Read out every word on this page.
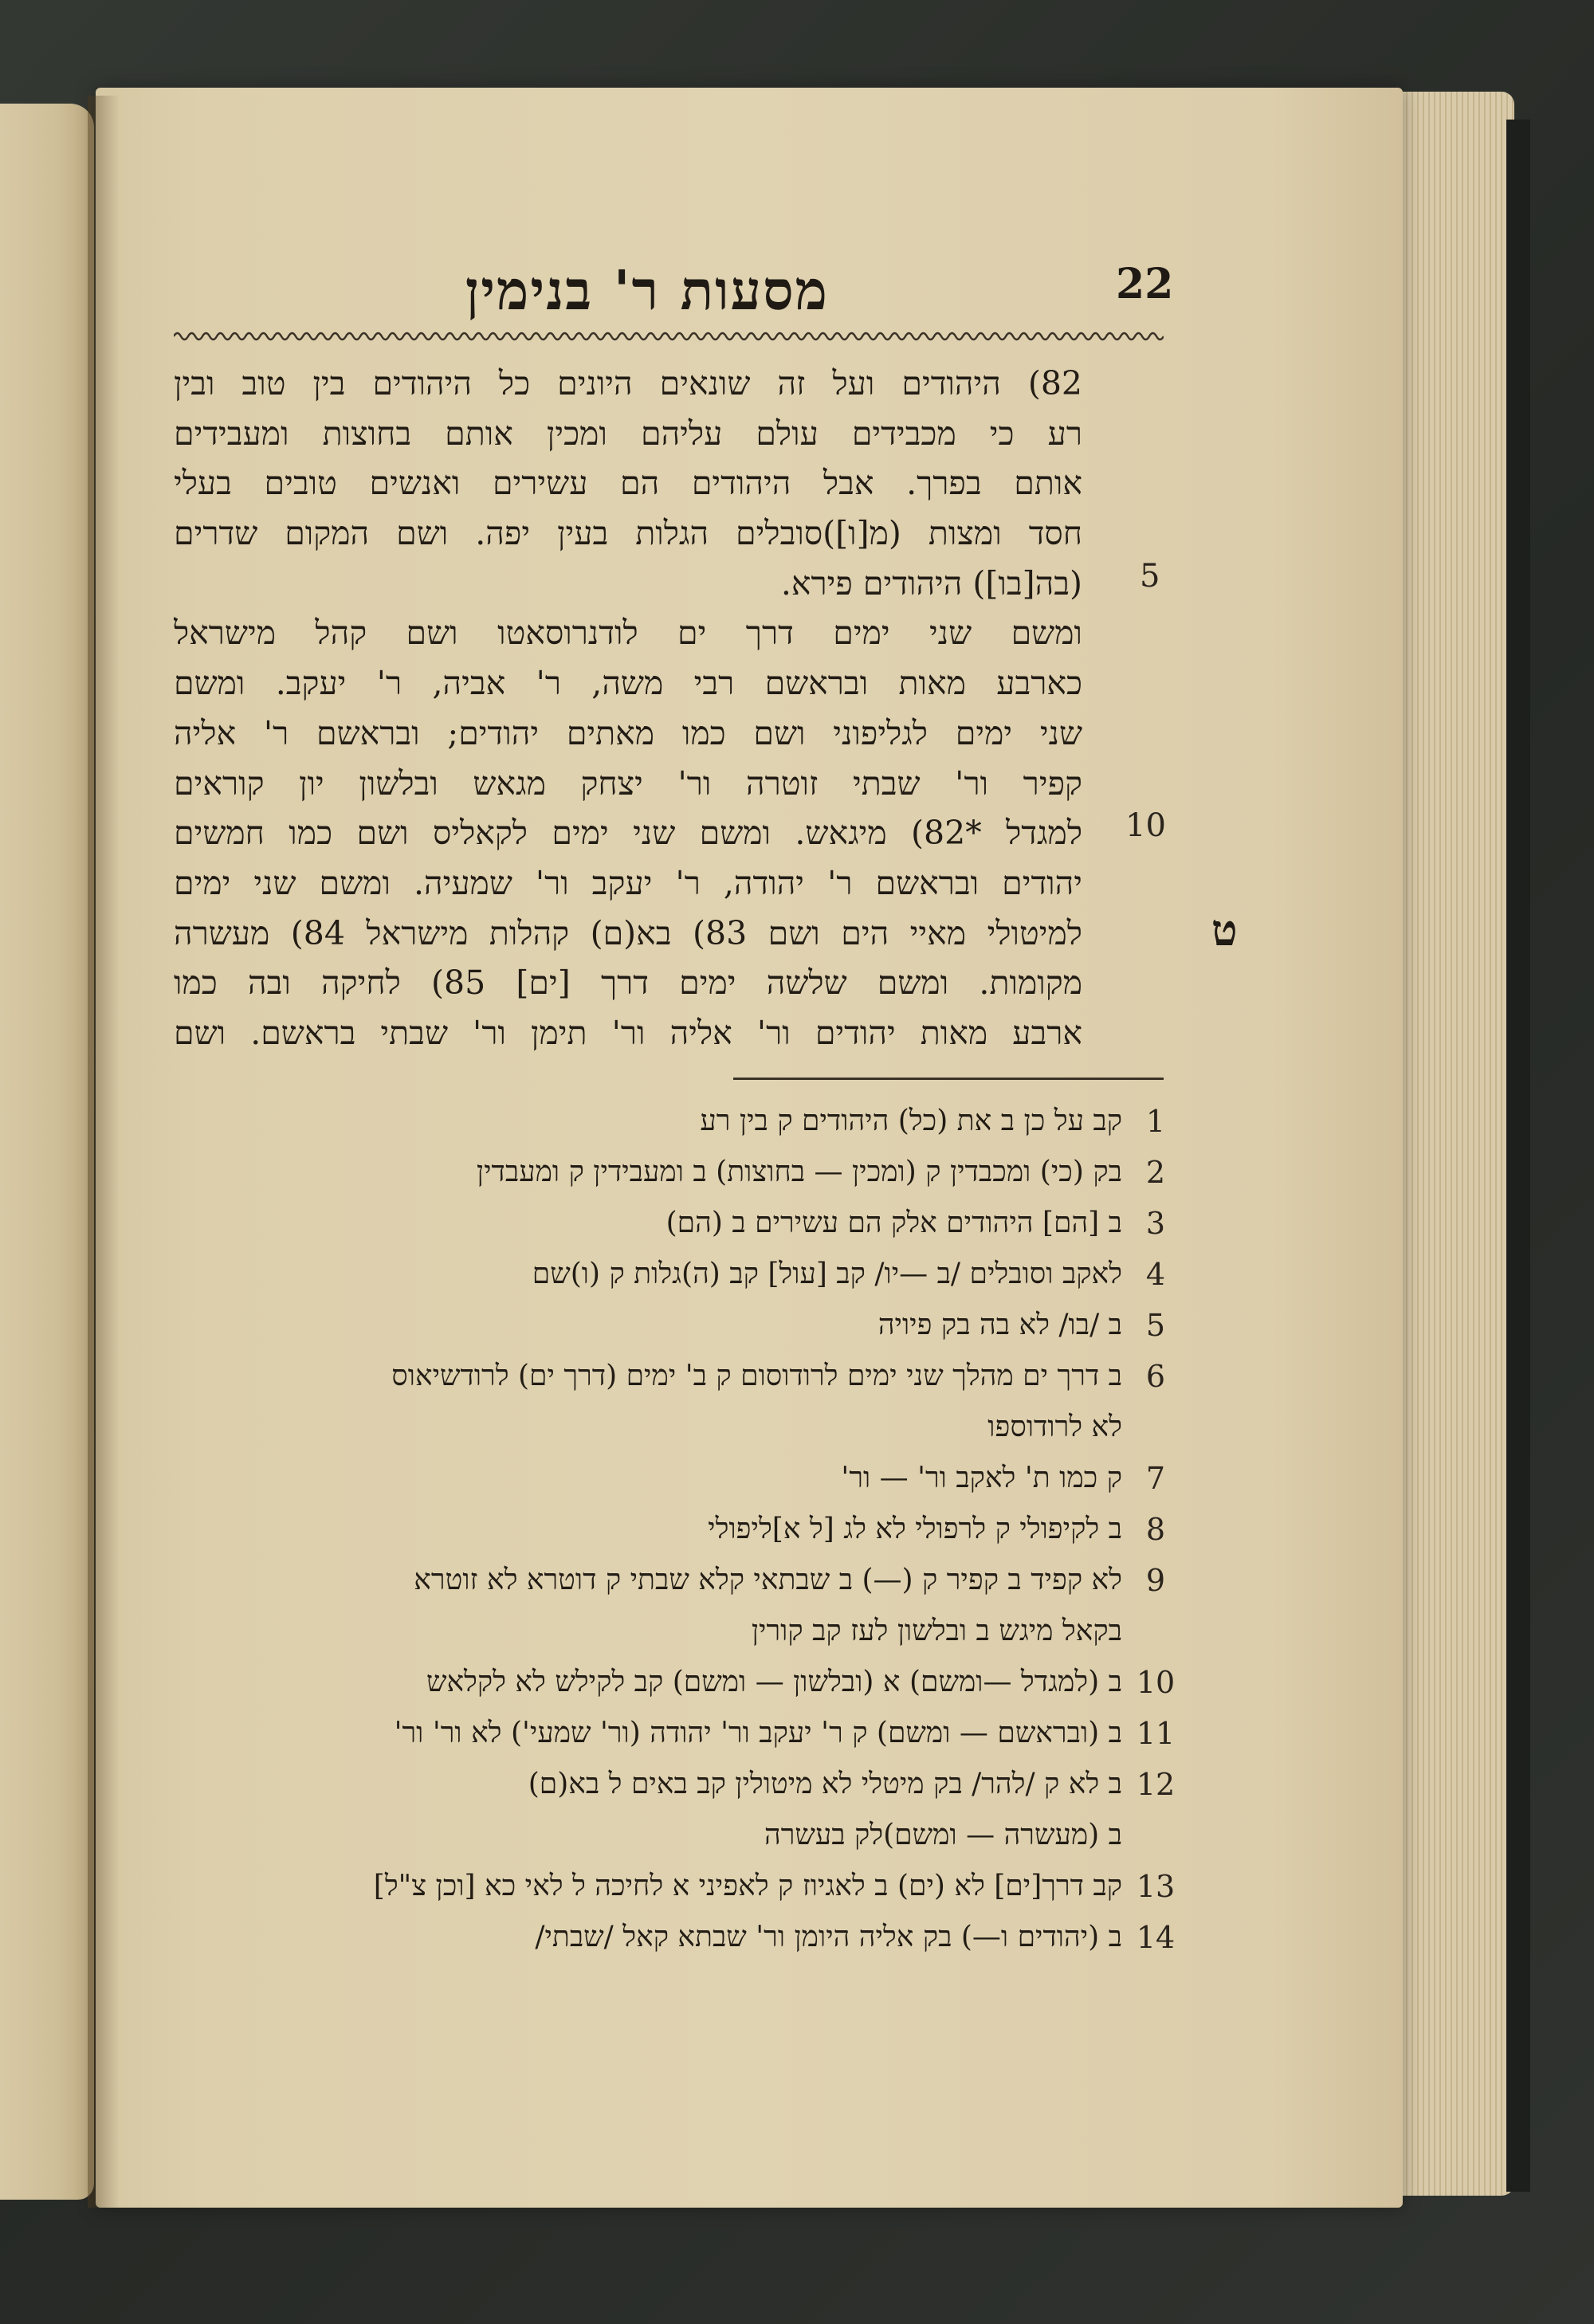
מסעות ר' בנימין	22
82) היהודים ועל זה שונאים היונים כל היהודים בין טוב ובין
רע כי מכבידים עולם עליהם ומכין אותם בחוצות ומעבידים
אותם בפרך. אבל היהודים הם עשירים ואנשים טובים בעלי
חסד ומצות (מ[ו])סובלים הגלות בעין יפה. ושם המקום שדרים
(בה[בו]) היהודים פירא.
ומשם שני ימים דרך ים לודנרוסאטו ושם קהל מישראל
כארבע מאות ובראשם רבי משה, ר' אביה, ר' יעקב. ומשם
שני ימים לגליפוני ושם כמו מאתים יהודים; ובראשם ר' אליה
קפיר ור' שבתי זוטרה ור' יצחק מגאש ובלשון יון קוראים
למגדל *82) מיגאש. ומשם שני ימים לקאליס ושם כמו חמשים
יהודים ובראשם ר' יהודה, ר' יעקב ור' שמעיה. ומשם שני ימים
למיטולי מאיי הים ושם 83) בא(ם) קהלות מישראל 84) מעשרה
מקומות. ומשם שלשה ימים דרך [ים] 85) לחיקה ובה כמו
ארבע מאות יהודים ור' אליה ור' תימן ור' שבתי בראשם. ושם
5
10
ט
קב על כן ב את (כל) היהודים ק בין רע
בק (כי) ומכבדין ק (ומכין — בחוצות) ב ומעבידין ק ומעבדין
ב [הם] היהודים אלק הם עשירים ב (הם)
לאקב וסובלים /ב —יו/ קב [עול] קב (ה)גלות ק (ו)שם
ב /בו/ לא בה בק פיויה
ב דרך ים מהלך שני ימים לרודוסום ק ב' ימים (דרך ים) לרודשיאוס
לא לרודוספו
ק כמו ת' לאקב ור' — ור'
ב לקיפולי ק לרפולי לא לג [ל א]ליפולי
לא קפיד ב קפיר ק (—) ב שבתאי קלא שבתי ק דוטרא לא זוטרא
בקאל מיגש ב ובלשון לעז קב קורין
ב (למגדל —ומשם) א (ובלשון — ומשם) קב לקילש לא לקלאש
ב (ובראשם — ומשם) ק ר' יעקב ור' יהודה (ור' שמעי') לא ור' ור'
ב לא ק /להר/ בק מיטלי לא מיטולין קב באים ל בא(ם)
ב (מעשרה — ומשם)לק בעשרה
קב דרך[ים] לא (ים) ב לאגיוז ק לאפיני א לחיכה ל לאי כא [וכן צ"ל]
ב (יהודים ו—) בק אליה היומן ור' שבתא קאל /שבתי/
1
2
3
4
5
6
7
8
9
10
11
12
13
14
